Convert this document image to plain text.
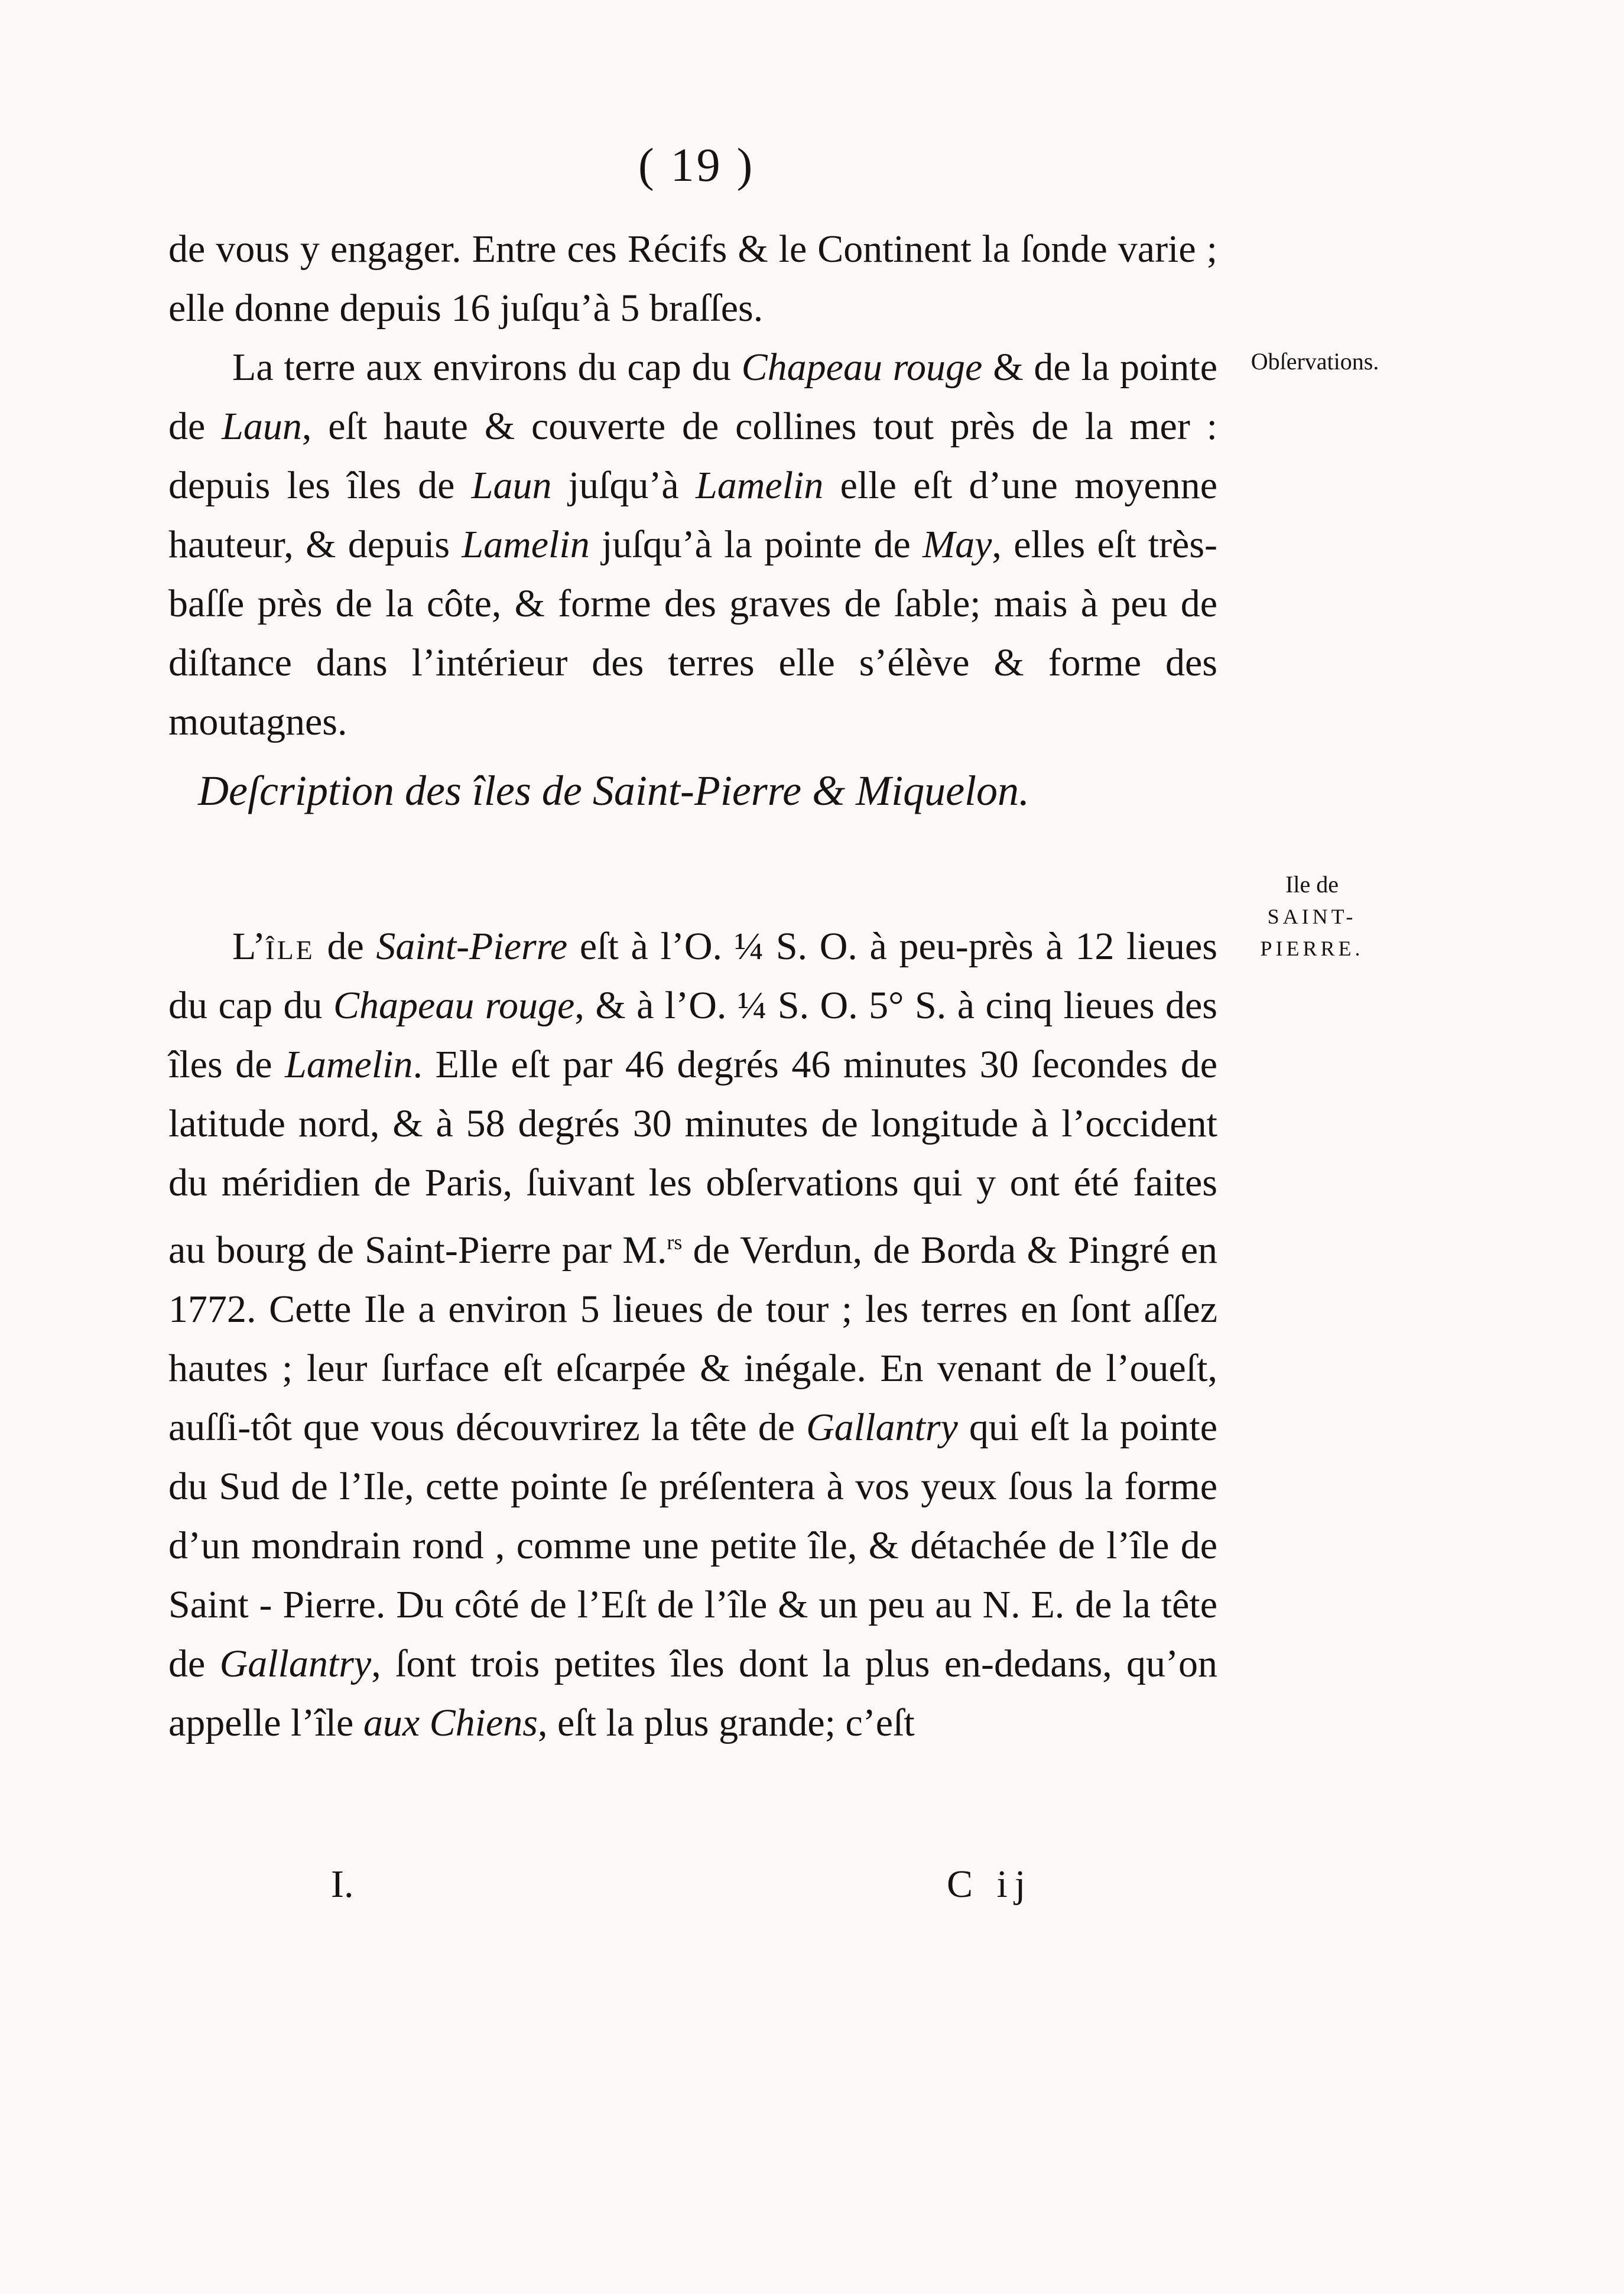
( 19 )

de vous y engager. Entre ces Récifs & le Continent la ſonde varie ; elle donne depuis 16 juſqu’à 5 braſſes.

La terre aux environs du cap du Chapeau rouge & de la pointe de Laun, eſt haute & couverte de collines tout près de la mer : depuis les îles de Laun juſqu’à Lamelin elle eſt d’une moyenne hauteur, & depuis Lamelin juſqu’à la pointe de May, elles eſt très-baſſe près de la côte, & forme des graves de ſable; mais à peu de diſtance dans l’intérieur des terres elle s’élève & forme des moutagnes.

Deſcription des îles de Saint-Pierre & Miquelon.

L’île de Saint-Pierre eſt à l’O. ¼ S. O. à peu-près à 12 lieues du cap du Chapeau rouge, & à l’O. ¼ S. O. 5° S. à cinq lieues des îles de Lamelin. Elle eſt par 46 degrés 46 minutes 30 ſecondes de latitude nord, & à 58 degrés 30 minutes de longitude à l’occident du méridien de Paris, ſuivant les obſervations qui y ont été faites au bourg de Saint-Pierre par M.$^{rs}$ de Verdun, de Borda & Pingré en 1772. Cette Ile a environ 5 lieues de tour ; les terres en ſont aſſez hautes ; leur ſurface eſt eſcarpée & inégale. En venant de l’oueſt, auſſi-tôt que vous découvrirez la tête de Gallantry qui eſt la pointe du Sud de l’Ile, cette pointe ſe préſentera à vos yeux ſous la forme d’un mondrain rond , comme une petite île, & détachée de l’île de Saint - Pierre. Du côté de l’Eſt de l’île & un peu au N. E. de la tête de Gallantry, ſont trois petites îles dont la plus en-dedans, qu’on appelle l’île aux Chiens, eſt la plus grande; c’eſt

Obſervations.
Ile de
SAINT-
PIERRE.
I.	C ij
